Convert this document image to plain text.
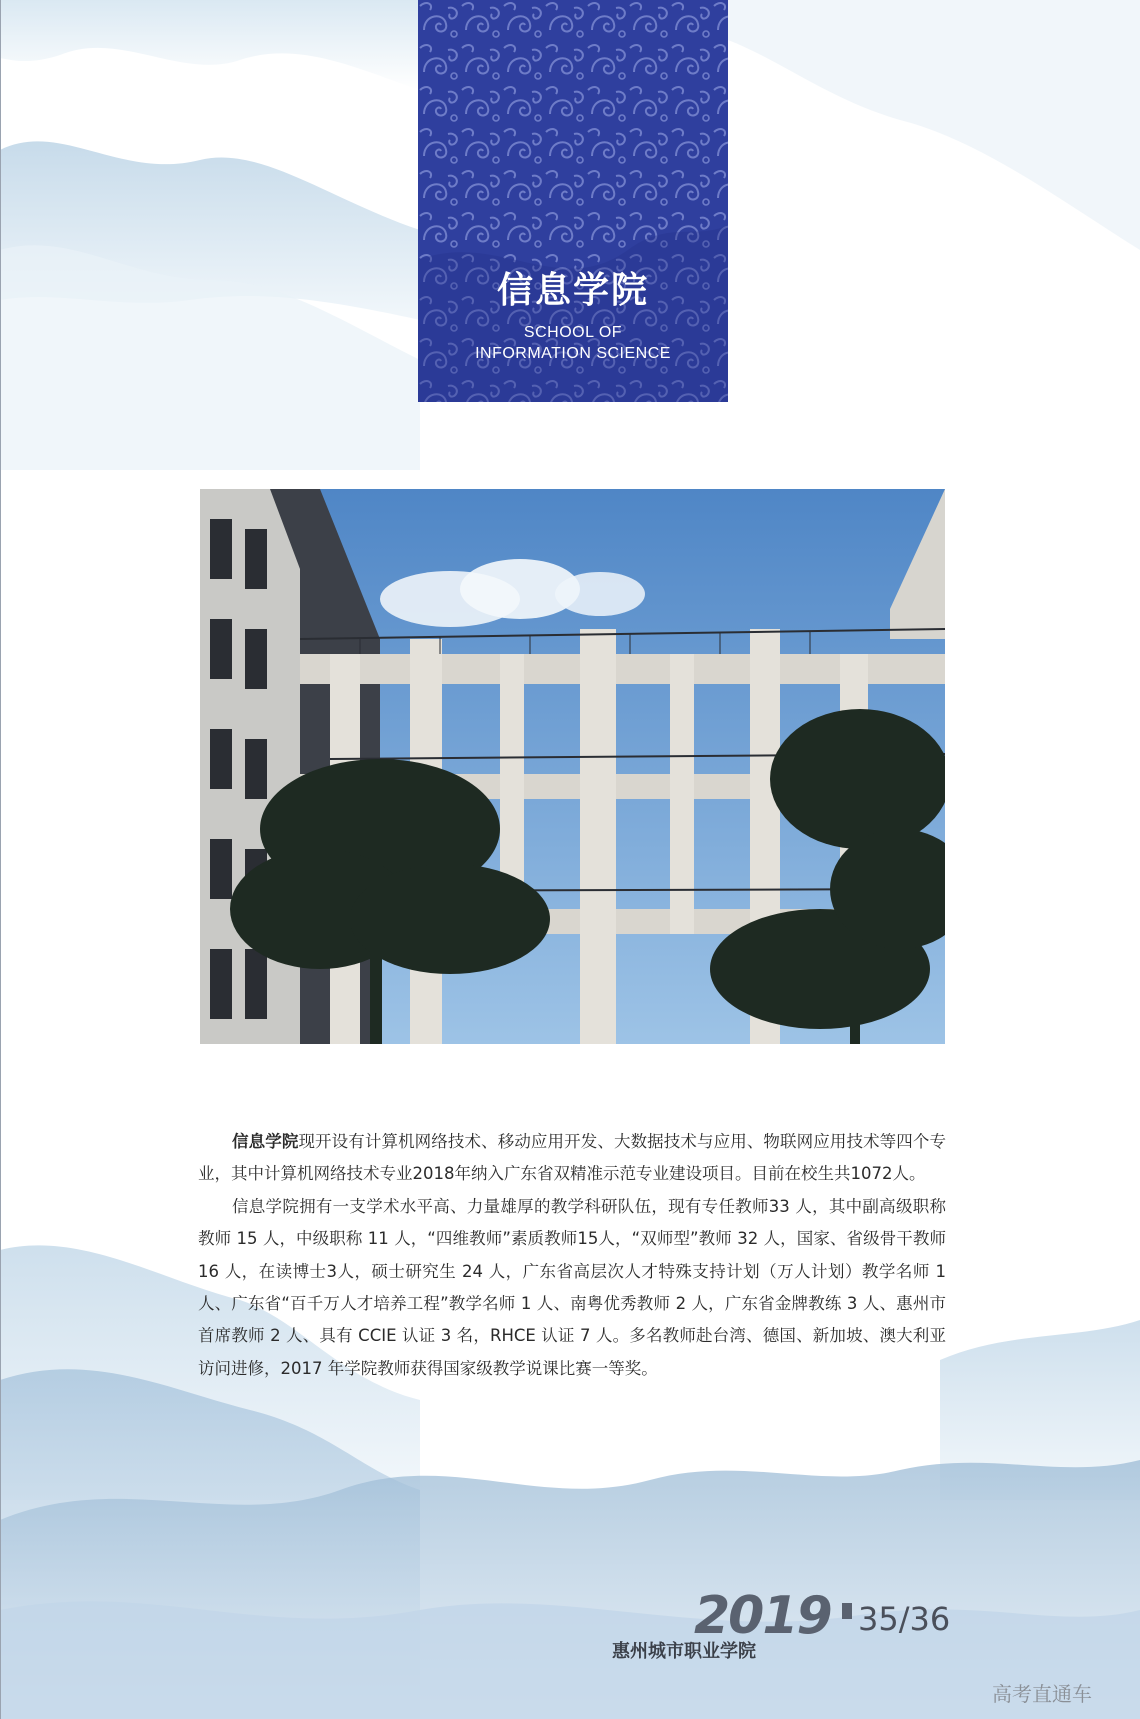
信息学院
SCHOOL OF
INFORMATION SCIENCE

信息学院现开设有计算机网络技术、移动应用开发、大数据技术与应用、物联网应用技术等四个专业，其中计算机网络技术专业2018年纳入广东省双精准示范专业建设项目。目前在校生共1072人。

信息学院拥有一支学术水平高、力量雄厚的教学科研队伍，现有专任教师33 人，其中副高级职称教师 15 人，中级职称 11 人，“四维教师”素质教师15人，“双师型”教师 32 人，国家、省级骨干教师 16 人，在读博士3人，硕士研究生 24 人，广东省高层次人才特殊支持计划（万人计划）教学名师 1 人、广东省“百千万人才培养工程”教学名师 1 人、南粤优秀教师 2 人，广东省金牌教练 3 人、惠州市首席教师 2 人、具有 CCIE 认证 3 名，RHCE 认证 7 人。多名教师赴台湾、德国、新加坡、澳大利亚访问进修，2017 年学院教师获得国家级教学说课比赛一等奖。

2019 35/36
惠州城市职业学院
高考直通车
